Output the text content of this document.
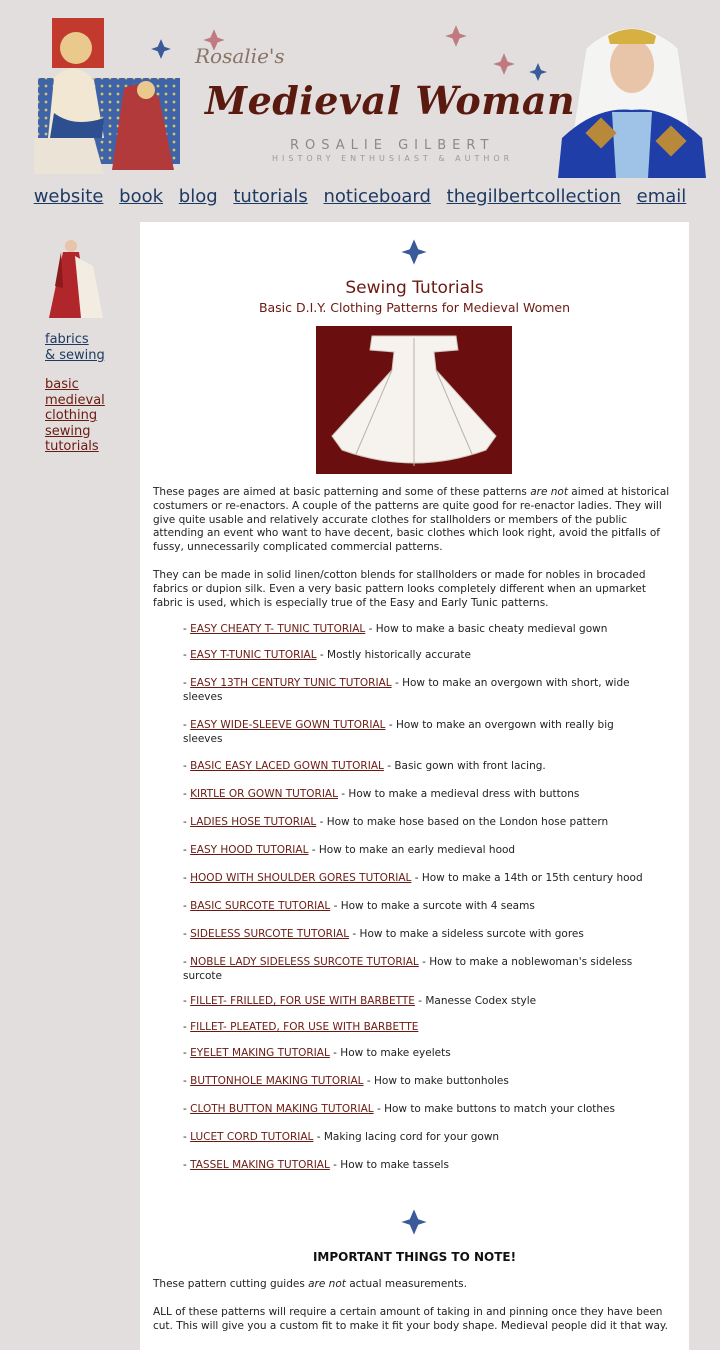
Rosalie's
Medieval Woman
ROSALIE GILBERT
HISTORY ENTHUSIAST & AUTHOR
website book blog tutorials noticeboard thegilbertcollection email
fabrics
& sewing
basic
medieval
clothing
sewing
tutorials
Sewing Tutorials
Basic D.I.Y. Clothing Patterns for Medieval Women

These pages are aimed at basic patterning and some of these patterns are not aimed at historical costumers or re-enactors. A couple of the patterns are quite good for re-enactor ladies. They will give quite usable and relatively accurate clothes for stallholders or members of the public attending an event who want to have decent, basic clothes which look right, avoid the pitfalls of fussy, unnecessarily complicated commercial patterns.

They can be made in solid linen/cotton blends for stallholders or made for nobles in brocaded fabrics or dupion silk. Even a very basic pattern looks completely different when an upmarket fabric is used, which is especially true of the Easy and Early Tunic patterns.

- EASY CHEATY T- TUNIC TUTORIAL - How to make a basic cheaty medieval gown
- EASY T-TUNIC TUTORIAL - Mostly historically accurate
- EASY 13TH CENTURY TUNIC TUTORIAL - How to make an overgown with short, wide sleeves
- EASY WIDE-SLEEVE GOWN TUTORIAL - How to make an overgown with really big sleeves
- BASIC EASY LACED GOWN TUTORIAL - Basic gown with front lacing.
- KIRTLE OR GOWN TUTORIAL - How to make a medieval dress with buttons
- LADIES HOSE TUTORIAL - How to make hose based on the London hose pattern
- EASY HOOD TUTORIAL - How to make an early medieval hood
- HOOD WITH SHOULDER GORES TUTORIAL - How to make a 14th or 15th century hood
- BASIC SURCOTE TUTORIAL - How to make a surcote with 4 seams
- SIDELESS SURCOTE TUTORIAL - How to make a sideless surcote with gores
- NOBLE LADY SIDELESS SURCOTE TUTORIAL - How to make a noblewoman's sideless surcote
- FILLET- FRILLED, FOR USE WITH BARBETTE - Manesse Codex style
- FILLET- PLEATED, FOR USE WITH BARBETTE
- EYELET MAKING TUTORIAL - How to make eyelets
- BUTTONHOLE MAKING TUTORIAL - How to make buttonholes
- CLOTH BUTTON MAKING TUTORIAL - How to make buttons to match your clothes
- LUCET CORD TUTORIAL - Making lacing cord for your gown
- TASSEL MAKING TUTORIAL - How to make tassels
IMPORTANT THINGS TO NOTE!

These pattern cutting guides are not actual measurements.

ALL of these patterns will require a certain amount of taking in and pinning once they have been cut. This will give you a custom fit to make it fit your body shape. Medieval people did it that way.
